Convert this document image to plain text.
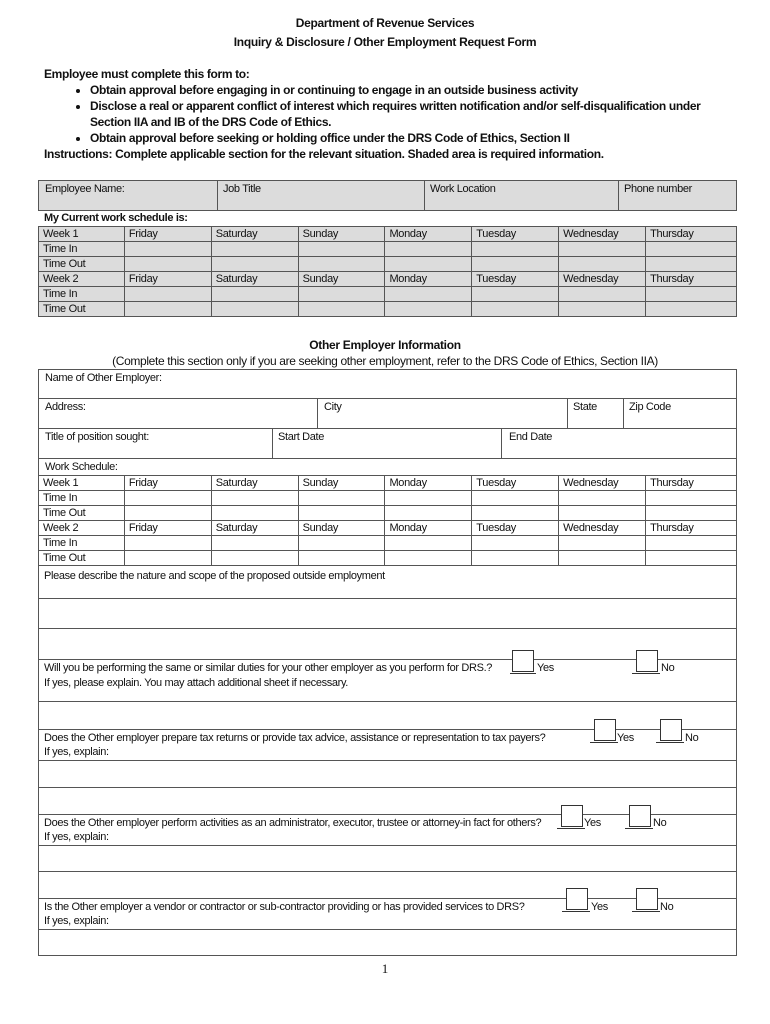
Department of Revenue Services
Inquiry & Disclosure / Other Employment Request Form
Employee must complete this form to:
• Obtain approval before engaging in or continuing to engage in an outside business activity
• Disclose a real or apparent conflict of interest which requires written notification and/or self-disqualification under Section IIA and IB of the DRS Code of Ethics.
• Obtain approval before seeking or holding office under the DRS Code of Ethics, Section II
Instructions: Complete applicable section for the relevant situation. Shaded area is required information.
Employee Name:	Job Title	Work Location	Phone number
My Current work schedule is:
Week 1	Friday	Saturday	Sunday	Monday	Tuesday	Wednesday	Thursday
Time In							
Time Out							
Week 2	Friday	Saturday	Sunday	Monday	Tuesday	Wednesday	Thursday
Time In							
Time Out							
Other Employer Information
(Complete this section only if you are seeking other employment, refer to the DRS Code of Ethics, Section IIA)
Name of Other Employer:
Address:	City	State	Zip Code
Title of position sought:	Start Date	End Date
Work Schedule:
Week 1	Friday	Saturday	Sunday	Monday	Tuesday	Wednesday	Thursday
Time In							
Time Out							
Week 2	Friday	Saturday	Sunday	Monday	Tuesday	Wednesday	Thursday
Time In							
Time Out							
Please describe the nature and scope of the proposed outside employment
Will you be performing the same or similar duties for your other employer as you perform for DRS.?	Yes	No
If yes, please explain. You may attach additional sheet if necessary.
Does the Other employer prepare tax returns or provide tax advice, assistance or representation to tax payers?	Yes	No
If yes, explain:
Does the Other employer perform activities as an administrator, executor, trustee or attorney-in fact for others?	Yes	No
If yes, explain:
Is the Other employer a vendor or contractor or sub-contractor providing or has provided services to DRS?	Yes	No
If yes, explain:
1
